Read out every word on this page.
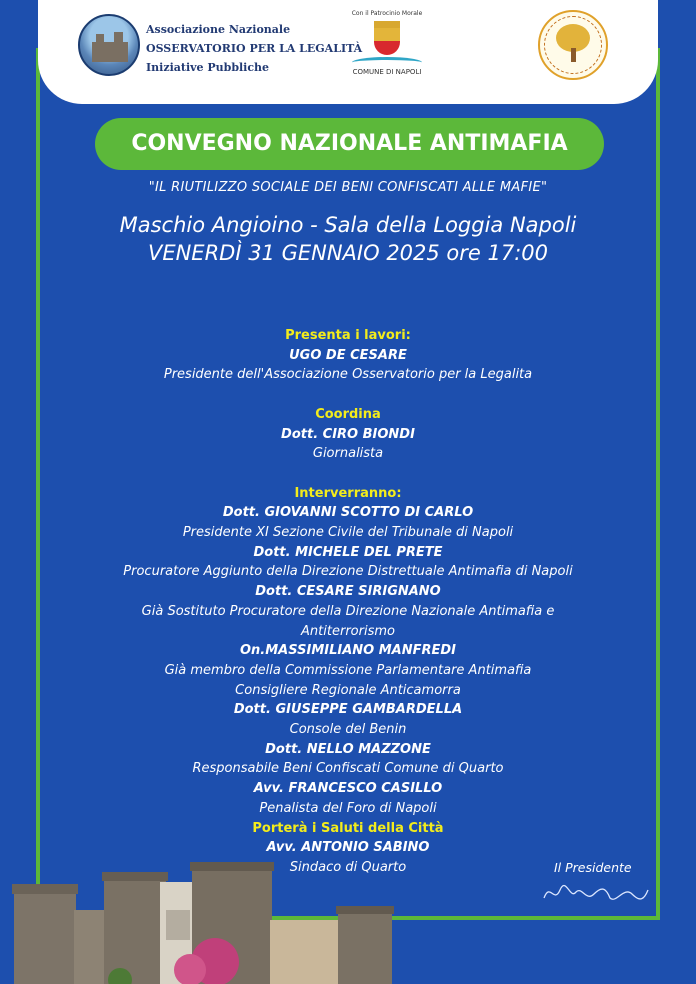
Associazione Nazionale
OSSERVATORIO PER LA LEGALITÀ
Iniziative Pubbliche
Con il Patrocinio Morale
COMUNE DI NAPOLI
CONVEGNO NAZIONALE ANTIMAFIA
"IL RIUTILIZZO SOCIALE DEI BENI CONFISCATI ALLE MAFIE"
Maschio Angioino - Sala della Loggia Napoli
VENERDÌ 31 GENNAIO 2025 ore 17:00
Presenta i lavori:
UGO DE CESARE
Presidente dell'Associazione Osservatorio per la Legalita
Coordina
Dott. CIRO BIONDI
Giornalista
Interverranno:
Dott. GIOVANNI SCOTTO DI CARLO
Presidente XI Sezione Civile del Tribunale di Napoli
Dott. MICHELE DEL PRETE
Procuratore Aggiunto della Direzione Distrettuale Antimafia di Napoli
Dott. CESARE SIRIGNANO
Già Sostituto Procuratore della Direzione Nazionale Antimafia e
Antiterrorismo
On.MASSIMILIANO MANFREDI
Già membro della Commissione Parlamentare Antimafia
Consigliere Regionale Anticamorra
Dott. GIUSEPPE GAMBARDELLA
Console del Benin
Dott. NELLO MAZZONE
Responsabile Beni Confiscati Comune di Quarto
Avv. FRANCESCO CASILLO
Penalista del Foro di Napoli
Porterà i Saluti della Città
Avv. ANTONIO SABINO
Sindaco di Quarto	Il Presidente
